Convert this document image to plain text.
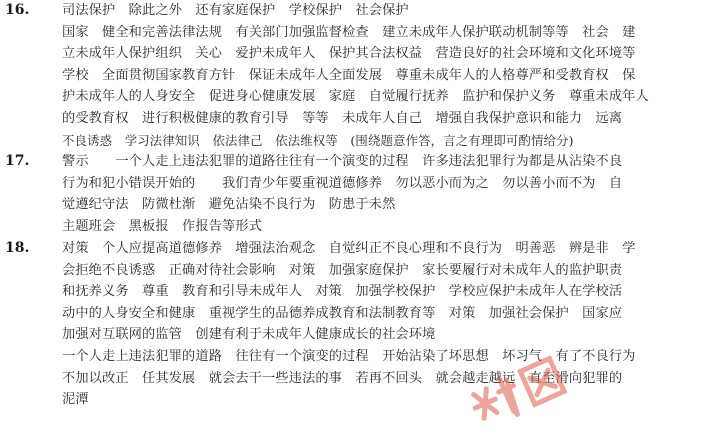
16. 司法保护　除此之外　还有家庭保护　学校保护　社会保护
国家　健全和完善法律法规　有关部门加强监督检查　建立未成年人保护联动机制等等　社会　建
立未成年人保护组织　关心　爱护未成年人　保护其合法权益　营造良好的社会环境和文化环境等
学校　全面贯彻国家教育方针　保证未成年人全面发展　尊重未成年人的人格尊严和受教育权　保
护未成年人的人身安全　促进身心健康发展　家庭　自觉履行抚养　监护和保护义务　尊重未成年人
的受教育权　进行积极健康的教育引导　等等　未成年人自己　增强自我保护意识和能力　远离
不良诱惑　学习法律知识　依法律己　依法维权等　(围绕题意作答，言之有理即可酌情给分)
17. 警示　　一个人走上违法犯罪的道路往往有一个演变的过程　许多违法犯罪行为都是从沾染不良
行为和犯小错误开始的　　我们青少年要重视道德修养　勿以恶小而为之　勿以善小而不为　自
觉遵纪守法　防微杜渐　避免沾染不良行为　防患于未然
主题班会　黑板报　作报告等形式
18. 对策　个人应提高道德修养　增强法治观念　自觉纠正不良心理和不良行为　明善恶　辨是非　学
会拒绝不良诱惑　正确对待社会影响　对策　加强家庭保护　家长要履行对未成年人的监护职责
和抚养义务　尊重　教育和引导未成年人　对策　加强学校保护　学校应保护未成年人在学校活
动中的人身安全和健康　重视学生的品德养成教育和法制教育等　对策　加强社会保护　国家应
加强对互联网的监管　创建有利于未成年人健康成长的社会环境
一个人走上违法犯罪的道路　往往有一个演变的过程　开始沾染了坏思想　坏习气　有了不良行为
不加以改正　任其发展　就会去干一些违法的事　若再不回头　就会越走越远　直至滑向犯罪的
泥潭
